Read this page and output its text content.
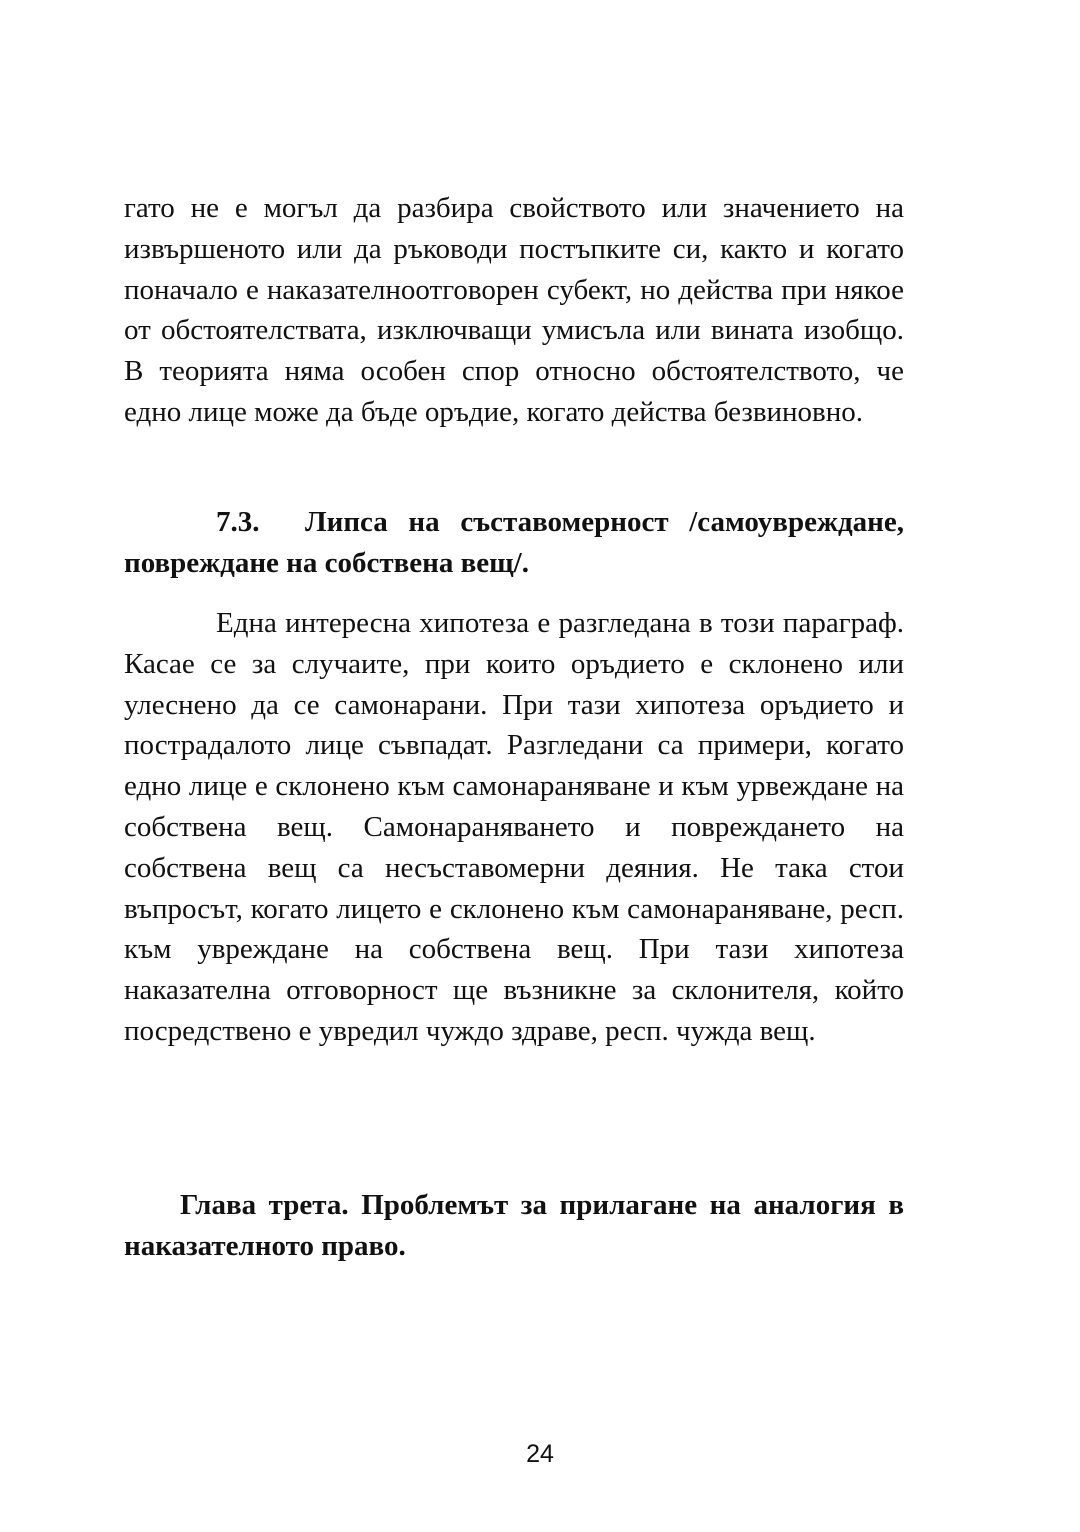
гато не е могъл да разбира свойството или значението на извършеното или да ръководи постъпките си, както и когато поначало е наказателноотговорен субект, но действа при някое от обстоятелствата, изключващи умисъла или вината изобщо. В теорията няма особен спор относно обстоятелството, че едно лице може да бъде оръдие, когато действа безвиновно.

7.3. Липса на съставомерност /самоувреждане, повреждане на собствена вещ/.

Една интересна хипотеза е разгледана в този параграф. Касае се за случаите, при които оръдието е склонено или улеснено да се самонарани. При тази хипотеза оръдието и пострадалото лице съвпадат. Разгледани са примери, когато едно лице е склонено към самонараняване и към урвеждане на собствена вещ. Самонараняването и повреждането на собствена вещ са несъставомерни деяния. Не така стои въпросът, когато лицето е склонено към самонараняване, респ. към увреждане на собствена вещ. При тази хипотеза наказателна отговорност ще възникне за склонителя, който посредствено е увредил чуждо здраве, респ. чужда вещ.

Глава трета. Проблемът за прилагане на аналогия в наказателното право.

24
